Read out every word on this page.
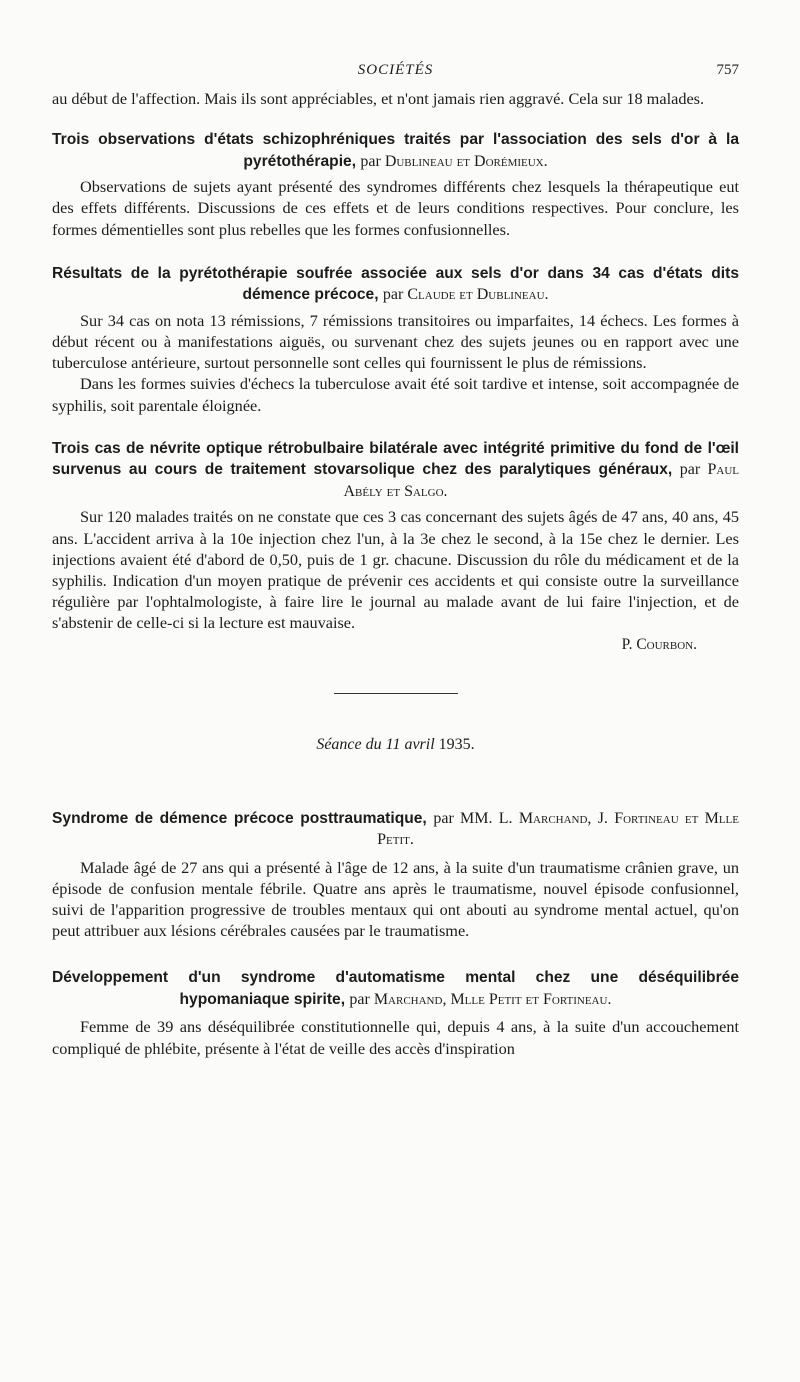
SOCIÉTÉS	757

au début de l'affection. Mais ils sont appréciables, et n'ont jamais rien aggravé. Cela sur 18 malades.

Trois observations d'états schizophréniques traités par l'association des sels d'or à la pyrétothérapie, par Dublineau et Doréмieux.

Observations de sujets ayant présenté des syndromes différents chez lesquels la thérapeutique eut des effets différents. Discussions de ces effets et de leurs conditions respectives. Pour conclure, les formes démentielles sont plus rebelles que les formes confusionnelles.

Résultats de la pyrétothérapie soufrée associée aux sels d'or dans 34 cas d'états dits démence précoce, par Claude et Dublineau.

Sur 34 cas on nota 13 rémissions, 7 rémissions transitoires ou imparfaites, 14 échecs. Les formes à début récent ou à manifestations aiguës, ou survenant chez des sujets jeunes ou en rapport avec une tuberculose antérieure, surtout personnelle sont celles qui fournissent le plus de rémissions.

Dans les formes suivies d'échecs la tuberculose avait été soit tardive et intense, soit accompagnée de syphilis, soit parentale éloignée.

Trois cas de névrite optique rétrobulbaire bilatérale avec intégrité primitive du fond de l'œil survenus au cours de traitement stovarsolique chez des paralytiques généraux, par Paul Abély et Salgo.

Sur 120 malades traités on ne constate que ces 3 cas concernant des sujets âgés de 47 ans, 40 ans, 45 ans. L'accident arriva à la 10e injection chez l'un, à la 3e chez le second, à la 15e chez le dernier. Les injections avaient été d'abord de 0,50, puis de 1 gr. chacune. Discussion du rôle du médicament et de la syphilis. Indication d'un moyen pratique de prévenir ces accidents et qui consiste outre la surveillance régulière par l'ophtalmologiste, à faire lire le journal au malade avant de lui faire l'injection, et de s'abstenir de celle-ci si la lecture est mauvaise.

P. Courbon.
Séance du 11 avril 1935.
Syndrome de démence précoce posttraumatique, par MM. L. Marchand, J. Fortineau et Mlle Petit.

Malade âgé de 27 ans qui a présenté à l'âge de 12 ans, à la suite d'un traumatisme crânien grave, un épisode de confusion mentale fébrile. Quatre ans après le traumatisme, nouvel épisode confusionnel, suivi de l'apparition progressive de troubles mentaux qui ont abouti au syndrome mental actuel, qu'on peut attribuer aux lésions cérébrales causées par le traumatisme.

Développement d'un syndrome d'automatisme mental chez une déséquilibrée hypomaniaque spirite, par Marchand, Mlle Petit et Fortineau.

Femme de 39 ans déséquilibrée constitutionnelle qui, depuis 4 ans, à la suite d'un accouchement compliqué de phlébite, présente à l'état de veille des accès d'inspiration
